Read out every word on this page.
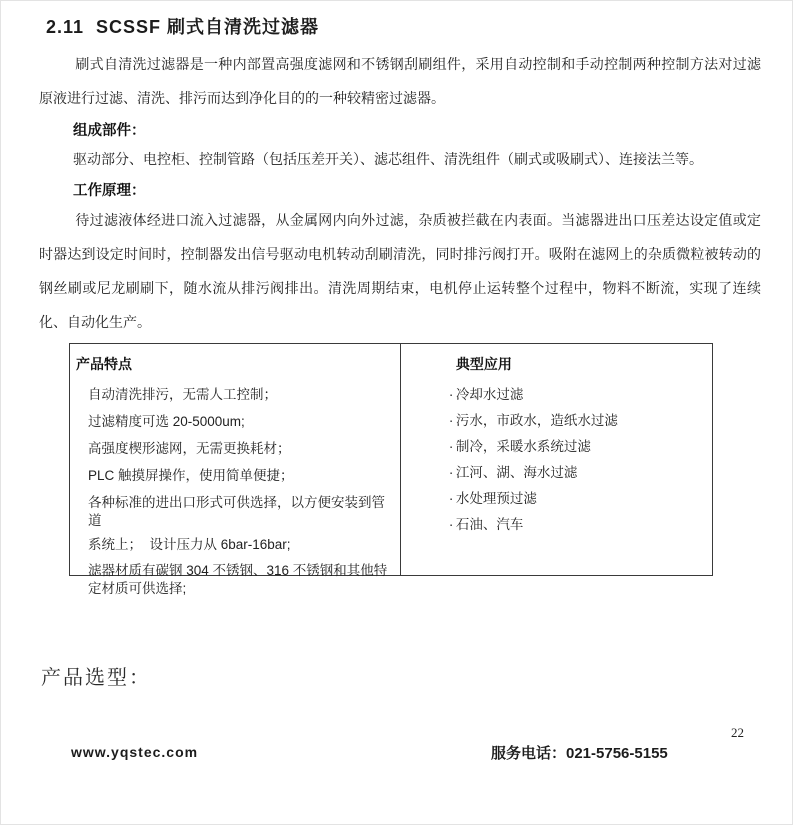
2.11  SCSSF 刷式自清洗过滤器

刷式自清洗过滤器是一种内部置高强度滤网和不锈钢刮刷组件，采用自动控制和手动控制两种控制方法对过滤原液进行过滤、清洗、排污而达到净化目的的一种较精密过滤器。

组成部件：

驱动部分、电控柜、控制管路（包括压差开关）、滤芯组件、清洗组件（刷式或吸刷式）、连接法兰等。

工作原理：

待过滤液体经进口流入过滤器，从金属网内向外过滤，杂质被拦截在内表面。当滤器进出口压差达设定值或定时器达到设定时间时，控制器发出信号驱动电机转动刮刷清洗，同时排污阀打开。吸附在滤网上的杂质微粒被转动的钢丝刷或尼龙刷刷下，随水流从排污阀排出。清洗周期结束，电机停止运转整个过程中，物料不断流，实现了连续化、自动化生产。

产品特点
自动清洗排污，无需人工控制；
过滤精度可选 20-5000um;
高强度楔形滤网，无需更换耗材；
PLC 触摸屏操作，使用简单便捷；
各种标准的进出口形式可供选择，以方便安装到管道
系统上；  设计压力从 6bar-16bar;
滤器材质有碳钢 304 不锈钢、316 不锈钢和其他特定材质可供选择;
典型应用
· 冷却水过滤
· 污水，市政水，造纸水过滤
· 制冷，采暖水系统过滤
· 江河、湖、海水过滤
· 水处理预过滤
· 石油、汽车
产品选型：
www.yqstec.com	服务电话：021-5756-5155
22
